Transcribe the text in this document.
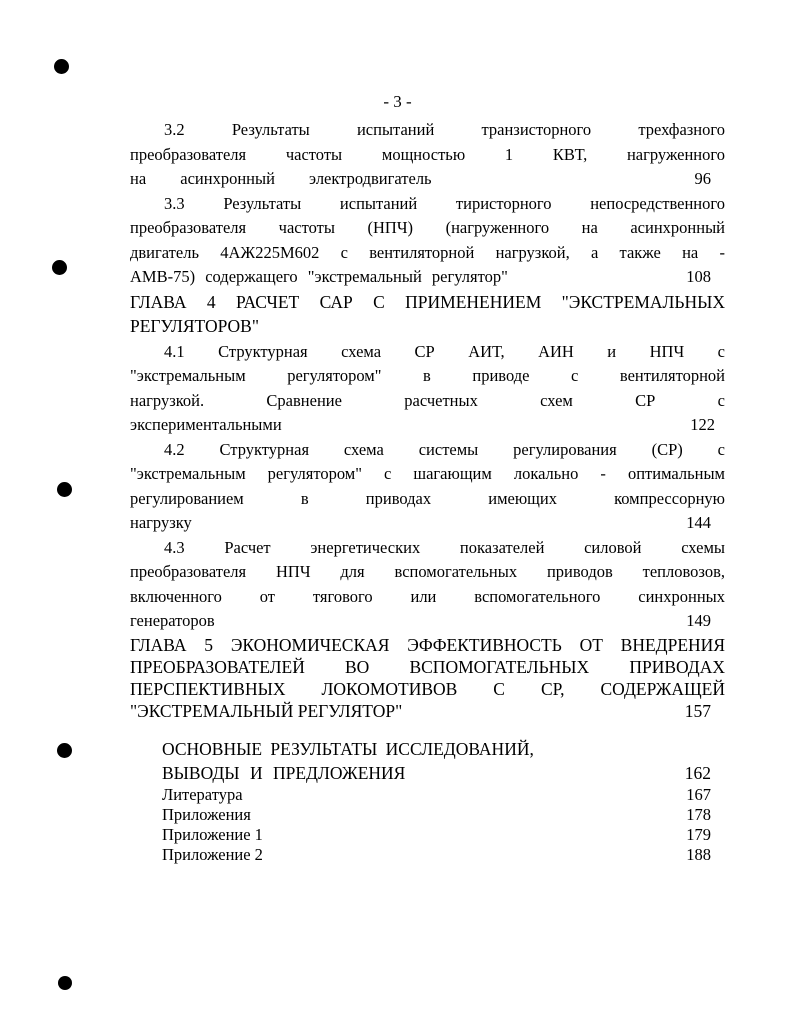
- 3 -
3.2 Результаты испытаний транзисторного трехфазного
преобразователя частоты мощностью 1 КВТ, нагруженного
на асинхронный электродвигатель	96
3.3 Результаты испытаний тиристорного непосредственного
преобразователя частоты (НПЧ) (нагруженного на асинхронный
двигатель 4АЖ225М602 с вентиляторной нагрузкой, а также на -
АМВ-75) содержащего "экстремальный регулятор"	108
ГЛАВА 4 РАСЧЕТ САР С ПРИМЕНЕНИЕМ "ЭКСТРЕМАЛЬНЫХ
РЕГУЛЯТОРОВ"
4.1 Структурная схема СР АИТ, АИН и НПЧ с
"экстремальным регулятором" в приводе с вентиляторной
нагрузкой. Сравнение расчетных схем СР с
экспериментальными	122
4.2 Структурная схема системы регулирования (СР) с
"экстремальным регулятором" с шагающим локально - оптимальным
регулированием в приводах имеющих компрессорную
нагрузку	144
4.3 Расчет энергетических показателей силовой схемы
преобразователя НПЧ для вспомогательных приводов тепловозов,
включенного от тягового или вспомогательного синхронных
генераторов	149
ГЛАВА 5 ЭКОНОМИЧЕСКАЯ ЭФФЕКТИВНОСТЬ ОТ ВНЕДРЕНИЯ
ПРЕОБРАЗОВАТЕЛЕЙ ВО ВСПОМОГАТЕЛЬНЫХ ПРИВОДАХ
ПЕРСПЕКТИВНЫХ ЛОКОМОТИВОВ С СР, СОДЕРЖАЩЕЙ
"ЭКСТРЕМАЛЬНЫЙ РЕГУЛЯТОР"	157
ОСНОВНЫЕ РЕЗУЛЬТАТЫ ИССЛЕДОВАНИЙ,
ВЫВОДЫ И ПРЕДЛОЖЕНИЯ	162
Литература	167
Приложения	178
Приложение 1	179
Приложение 2	188
